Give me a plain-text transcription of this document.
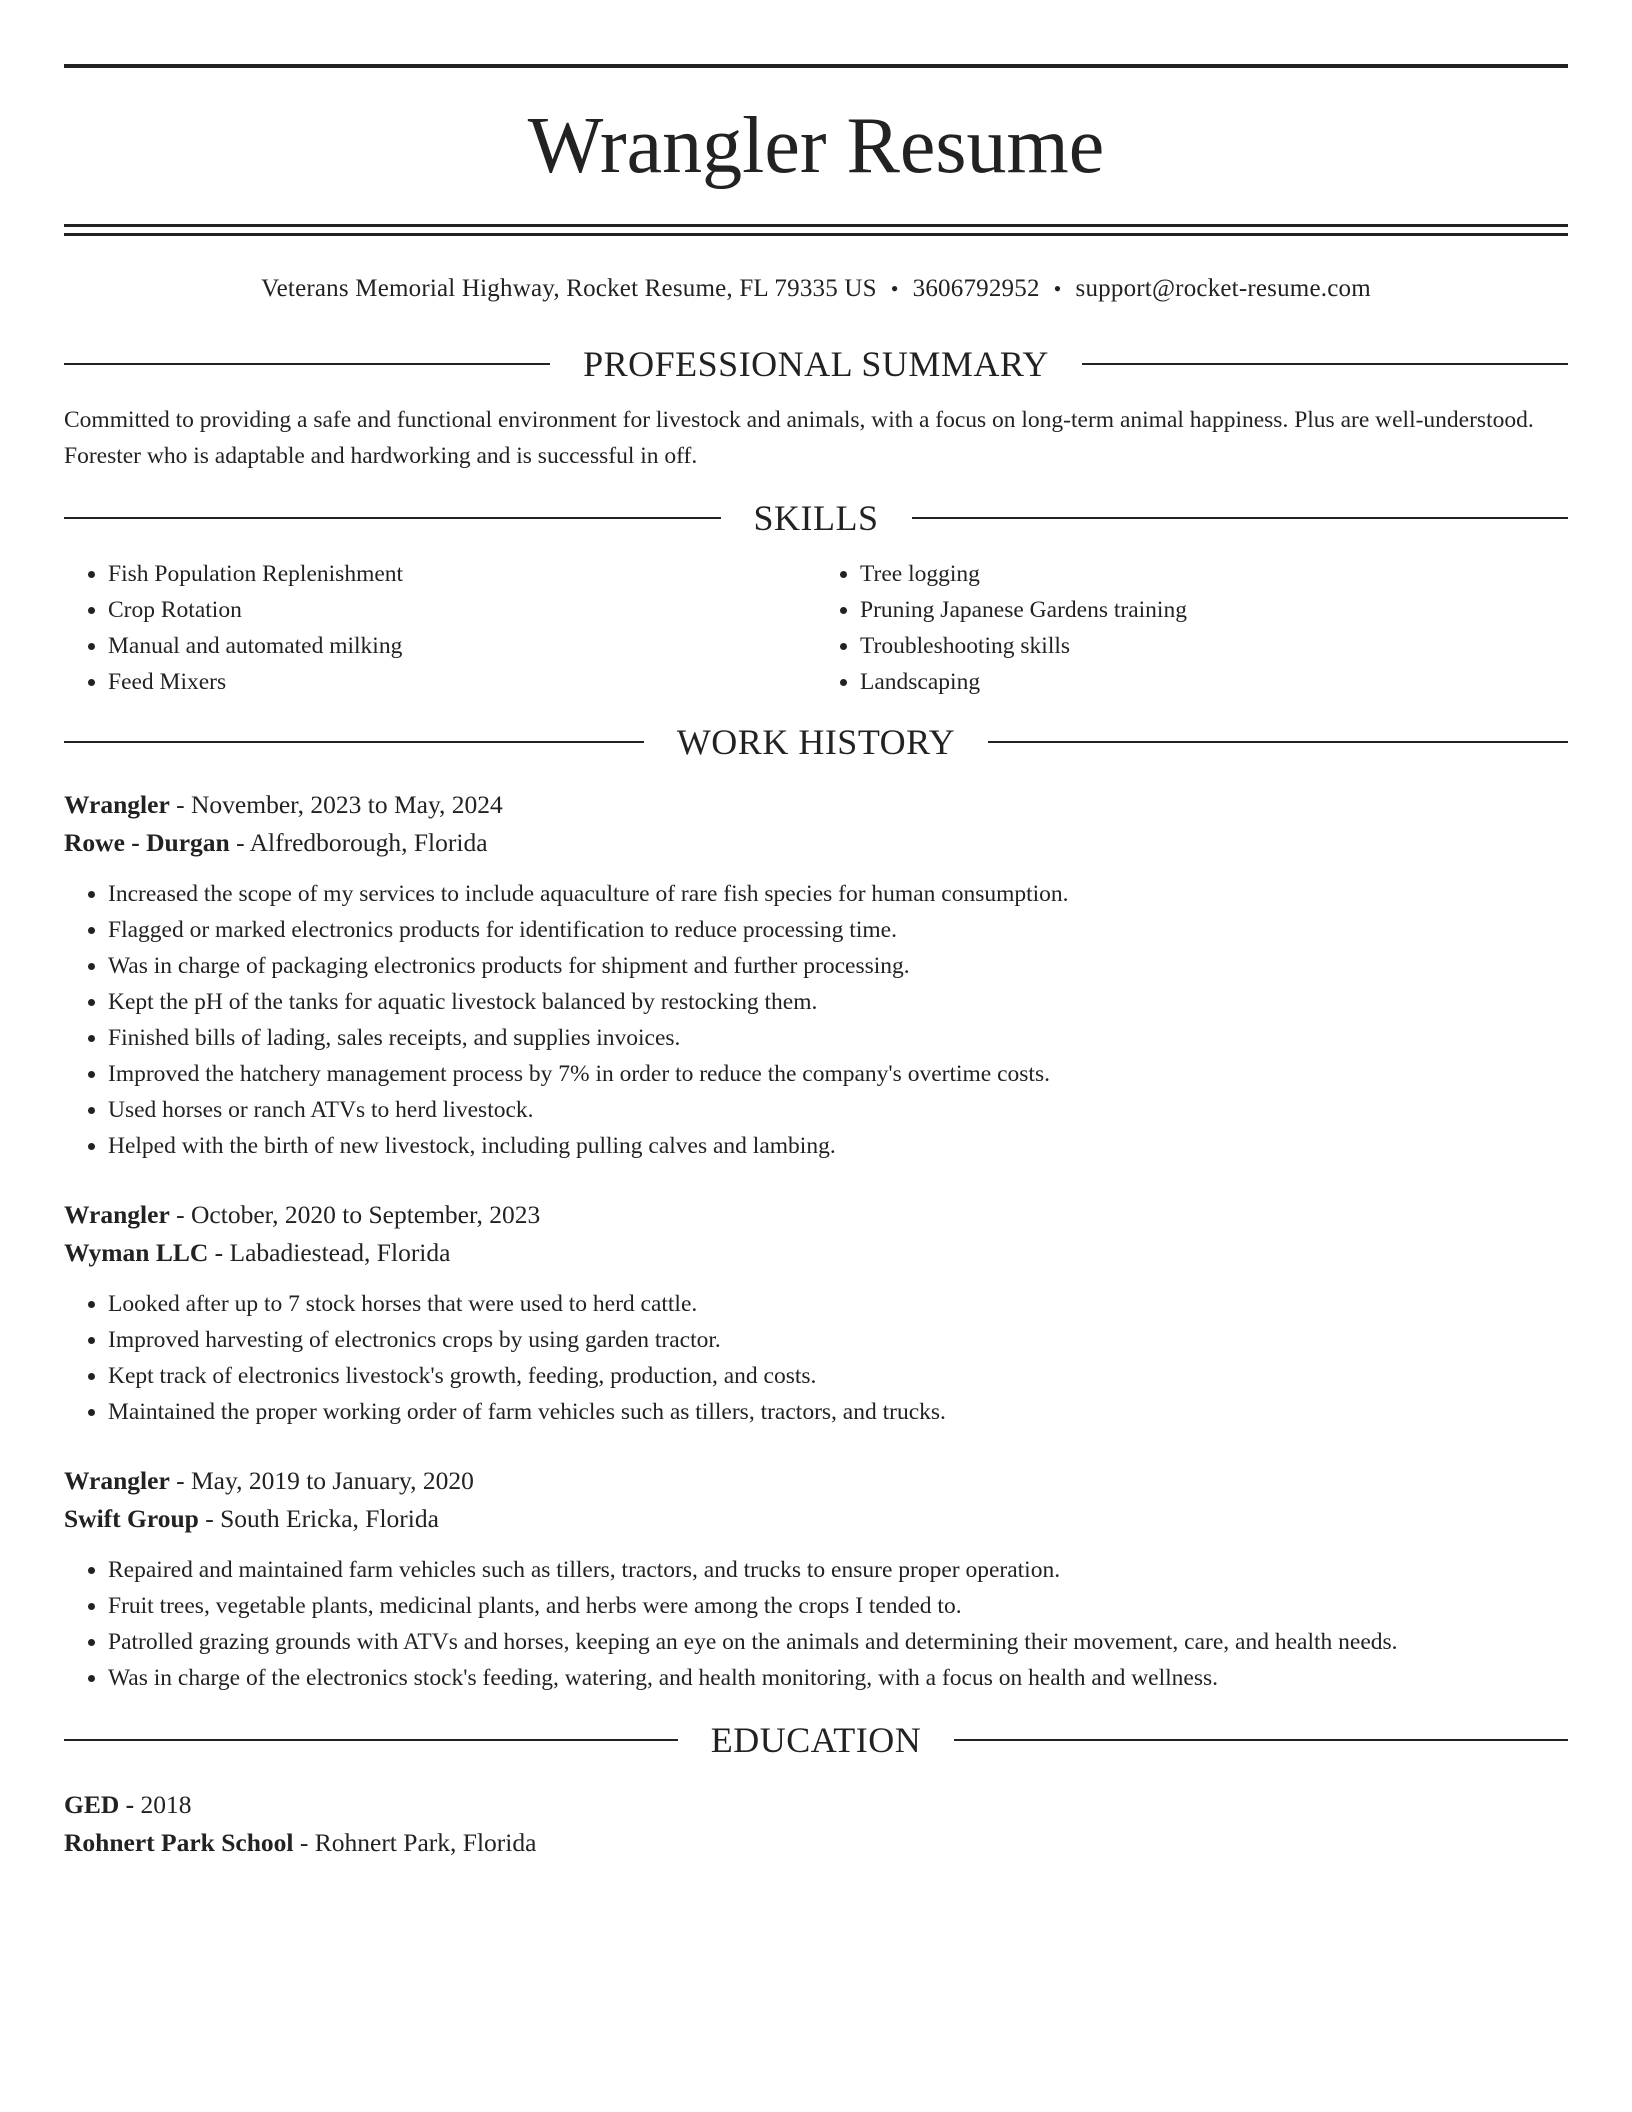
Wrangler Resume
Veterans Memorial Highway, Rocket Resume, FL 79335 US • 3606792952 • support@rocket-resume.com
PROFESSIONAL SUMMARY

Committed to providing a safe and functional environment for livestock and animals, with a focus on long-term animal happiness. Plus are well-understood. Forester who is adaptable and hardworking and is successful in off.

SKILLS
• Fish Population Replenishment
• Crop Rotation
• Manual and automated milking
• Feed Mixers
• Tree logging
• Pruning Japanese Gardens training
• Troubleshooting skills
• Landscaping
WORK HISTORY
Wrangler - November, 2023 to May, 2024
Rowe - Durgan - Alfredborough, Florida
• Increased the scope of my services to include aquaculture of rare fish species for human consumption.
• Flagged or marked electronics products for identification to reduce processing time.
• Was in charge of packaging electronics products for shipment and further processing.
• Kept the pH of the tanks for aquatic livestock balanced by restocking them.
• Finished bills of lading, sales receipts, and supplies invoices.
• Improved the hatchery management process by 7% in order to reduce the company's overtime costs.
• Used horses or ranch ATVs to herd livestock.
• Helped with the birth of new livestock, including pulling calves and lambing.
Wrangler - October, 2020 to September, 2023
Wyman LLC - Labadiestead, Florida
• Looked after up to 7 stock horses that were used to herd cattle.
• Improved harvesting of electronics crops by using garden tractor.
• Kept track of electronics livestock's growth, feeding, production, and costs.
• Maintained the proper working order of farm vehicles such as tillers, tractors, and trucks.
Wrangler - May, 2019 to January, 2020
Swift Group - South Ericka, Florida
• Repaired and maintained farm vehicles such as tillers, tractors, and trucks to ensure proper operation.
• Fruit trees, vegetable plants, medicinal plants, and herbs were among the crops I tended to.
• Patrolled grazing grounds with ATVs and horses, keeping an eye on the animals and determining their movement, care, and health needs.
• Was in charge of the electronics stock's feeding, watering, and health monitoring, with a focus on health and wellness.
EDUCATION
GED - 2018
Rohnert Park School - Rohnert Park, Florida
